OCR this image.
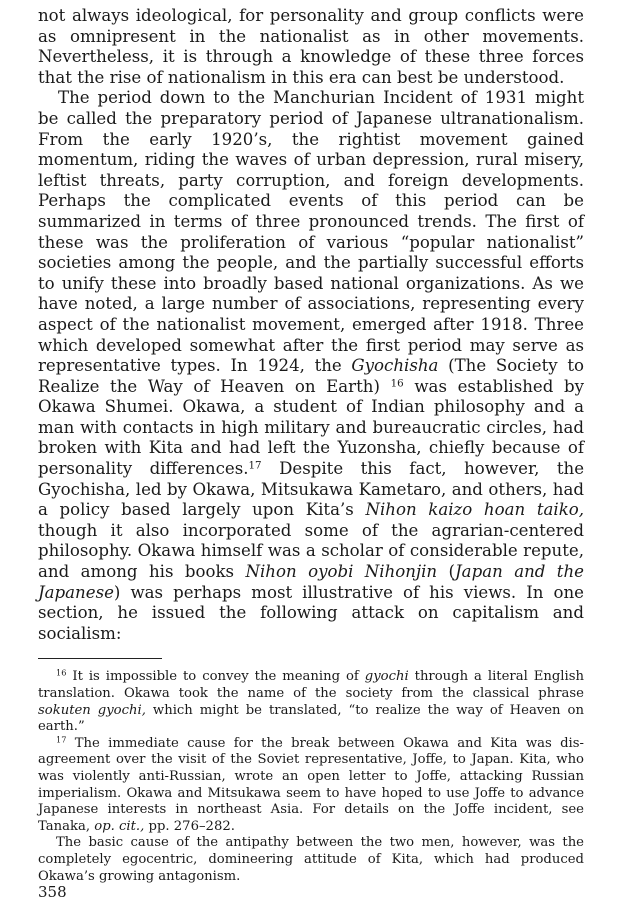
not always ideological, for personality and group conflicts were as omnipresent in the nationalist as in other movements. Nevertheless, it is through a knowledge of these three forces that the rise of nationalism in this era can best be understood.

The period down to the Manchurian Incident of 1931 might be called the preparatory period of Japanese ultranationalism. From the early 1920’s, the rightist movement gained momentum, riding the waves of urban depression, rural misery, leftist threats, party corruption, and foreign developments. Perhaps the complicated events of this period can be summarized in terms of three pronounced trends. The first of these was the proliferation of various “popular nationalist” societies among the people, and the partially successful efforts to unify these into broadly based national organizations. As we have noted, a large number of associations, representing every aspect of the nationalist movement, emerged after 1918. Three which developed somewhat after the first period may serve as representative types. In 1924, the Gyochisha (The Society to Realize the Way of Heaven on Earth) $^{16}$ was established by Okawa Shumei. Okawa, a student of Indian philosophy and a man with contacts in high military and bureaucratic circles, had broken with Kita and had left the Yuzonsha, chiefly because of personality differences.$^{17}$ Despite this fact, however, the Gyochisha, led by Okawa, Mitsukawa Kametaro, and others, had a policy based largely upon Kita’s Nihon kaizo hoan taiko, though it also incorporated some of the agrarian-centered philosophy. Okawa himself was a scholar of considerable repute, and among his books Nihon oyobi Nihonjin (Japan and the Japanese) was perhaps most illustrative of his views. In one section, he issued the following attack on capitalism and socialism:

$^{16}$ It is impossible to convey the meaning of gyochi through a literal English translation. Okawa took the name of the society from the classical phrase sokuten gyochi, which might be translated, “to realize the way of Heaven on earth.”

$^{17}$ The immediate cause for the break between Okawa and Kita was disagreement over the visit of the Soviet representative, Joffe, to Japan. Kita, who was violently anti-Russian, wrote an open letter to Joffe, attacking Russian imperialism. Okawa and Mitsukawa seem to have hoped to use Joffe to advance Japanese interests in northeast Asia. For details on the Joffe incident, see Tanaka, op. cit., pp. 276–282.

The basic cause of the antipathy between the two men, however, was the completely egocentric, domineering attitude of Kita, which had produced Okawa’s growing antagonism.

358
